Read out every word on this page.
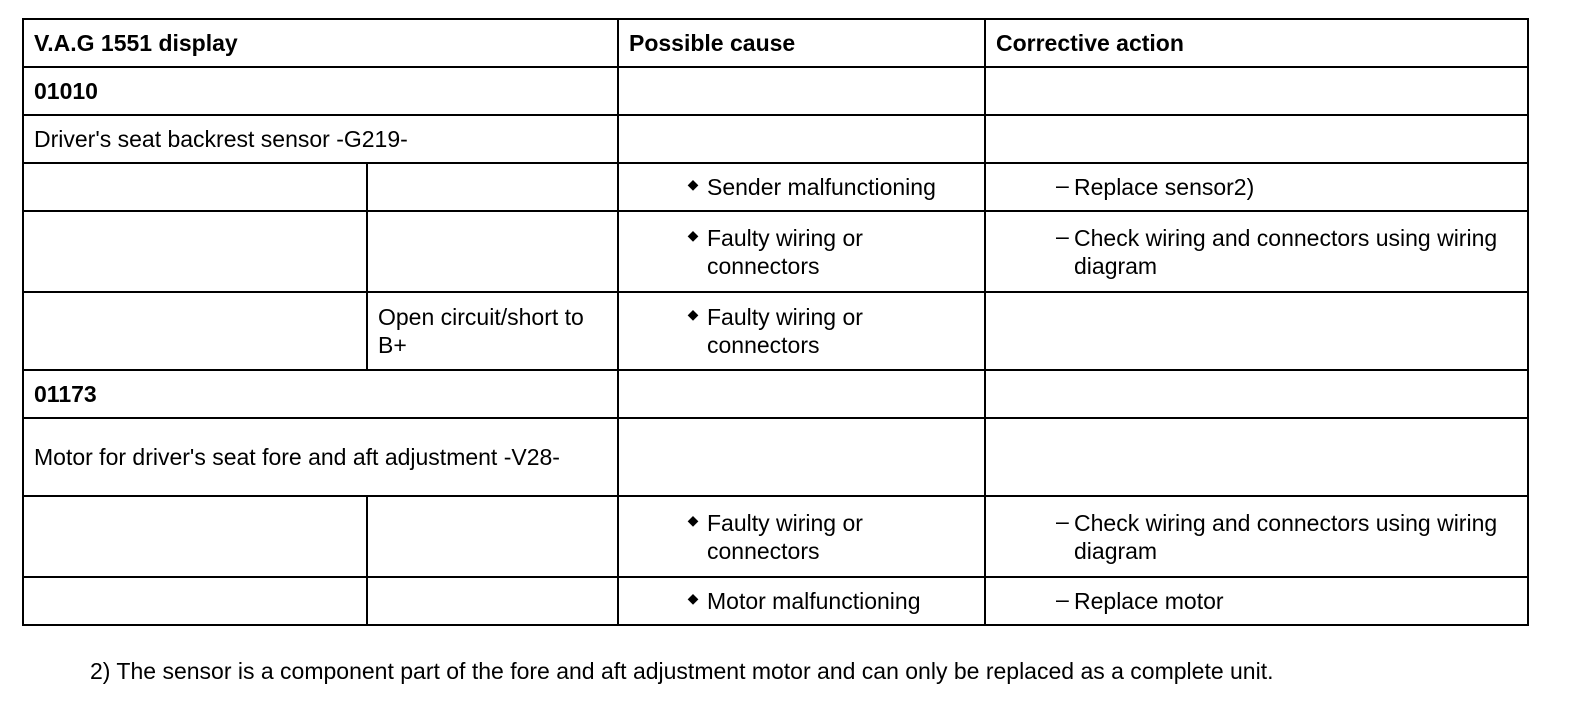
V.A.G 1551 display		Possible cause	Corrective action
01010			
Driver's seat backrest sensor -G219-			

		◆ Sender malfunctioning	– Replace sensor2)

		◆ Faulty wiring or connectors	– Check wiring and connectors using wiring diagram

	Open circuit/short to B+	◆ Faulty wiring or connectors	

01173			
Motor for driver's seat fore and aft adjustment -V28-			

		◆ Faulty wiring or connectors	– Check wiring and connectors using wiring diagram

		◆ Motor malfunctioning	– Replace motor
2) The sensor is a component part of the fore and aft adjustment motor and can only be replaced as a complete unit.
